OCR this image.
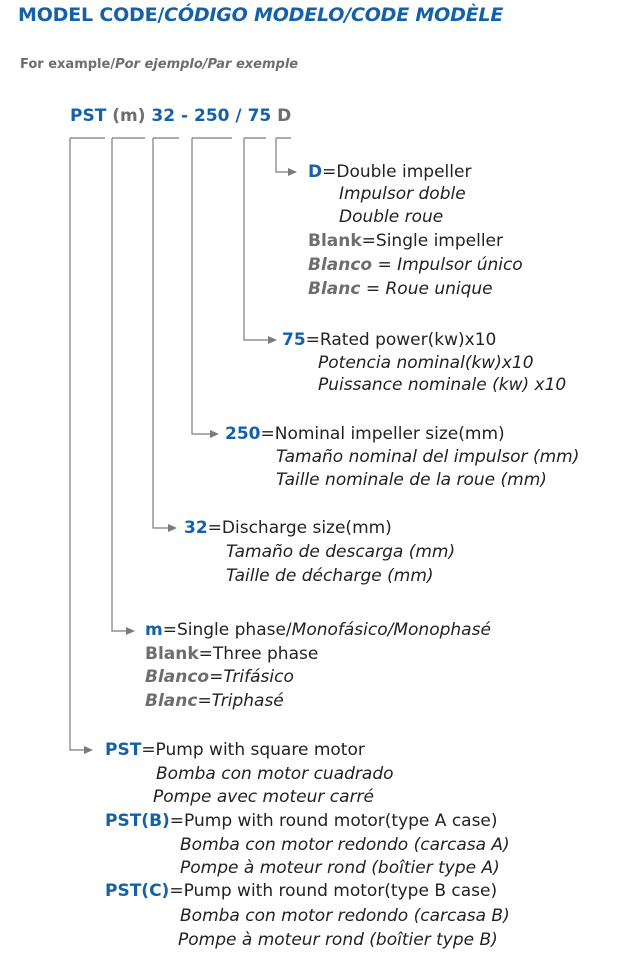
MODEL CODE/CÓDIGO MODELO/CODE MODÈLE
For example/Por ejemplo/Par exemple
PST (m) 32 - 250 / 75 D
D=Double impeller
Impulsor doble
Double roue
Blank=Single impeller
Blanco = Impulsor único
Blanc = Roue unique
75=Rated power(kw)x10
Potencia nominal(kw)x10
Puissance nominale (kw) x10
250=Nominal impeller size(mm)
Tamaño nominal del impulsor (mm)
Taille nominale de la roue (mm)
32=Discharge size(mm)
Tamaño de descarga (mm)
Taille de décharge (mm)
m=Single phase/Monofásico/Monophasé
Blank=Three phase
Blanco=Trifásico
Blanc=Triphasé
PST=Pump with square motor
Bomba con motor cuadrado
Pompe avec moteur carré
PST(B)=Pump with round motor(type A case)
Bomba con motor redondo (carcasa A)
Pompe à moteur rond (boîtier type A)
PST(C)=Pump with round motor(type B case)
Bomba con motor redondo (carcasa B)
Pompe à moteur rond (boîtier type B)
